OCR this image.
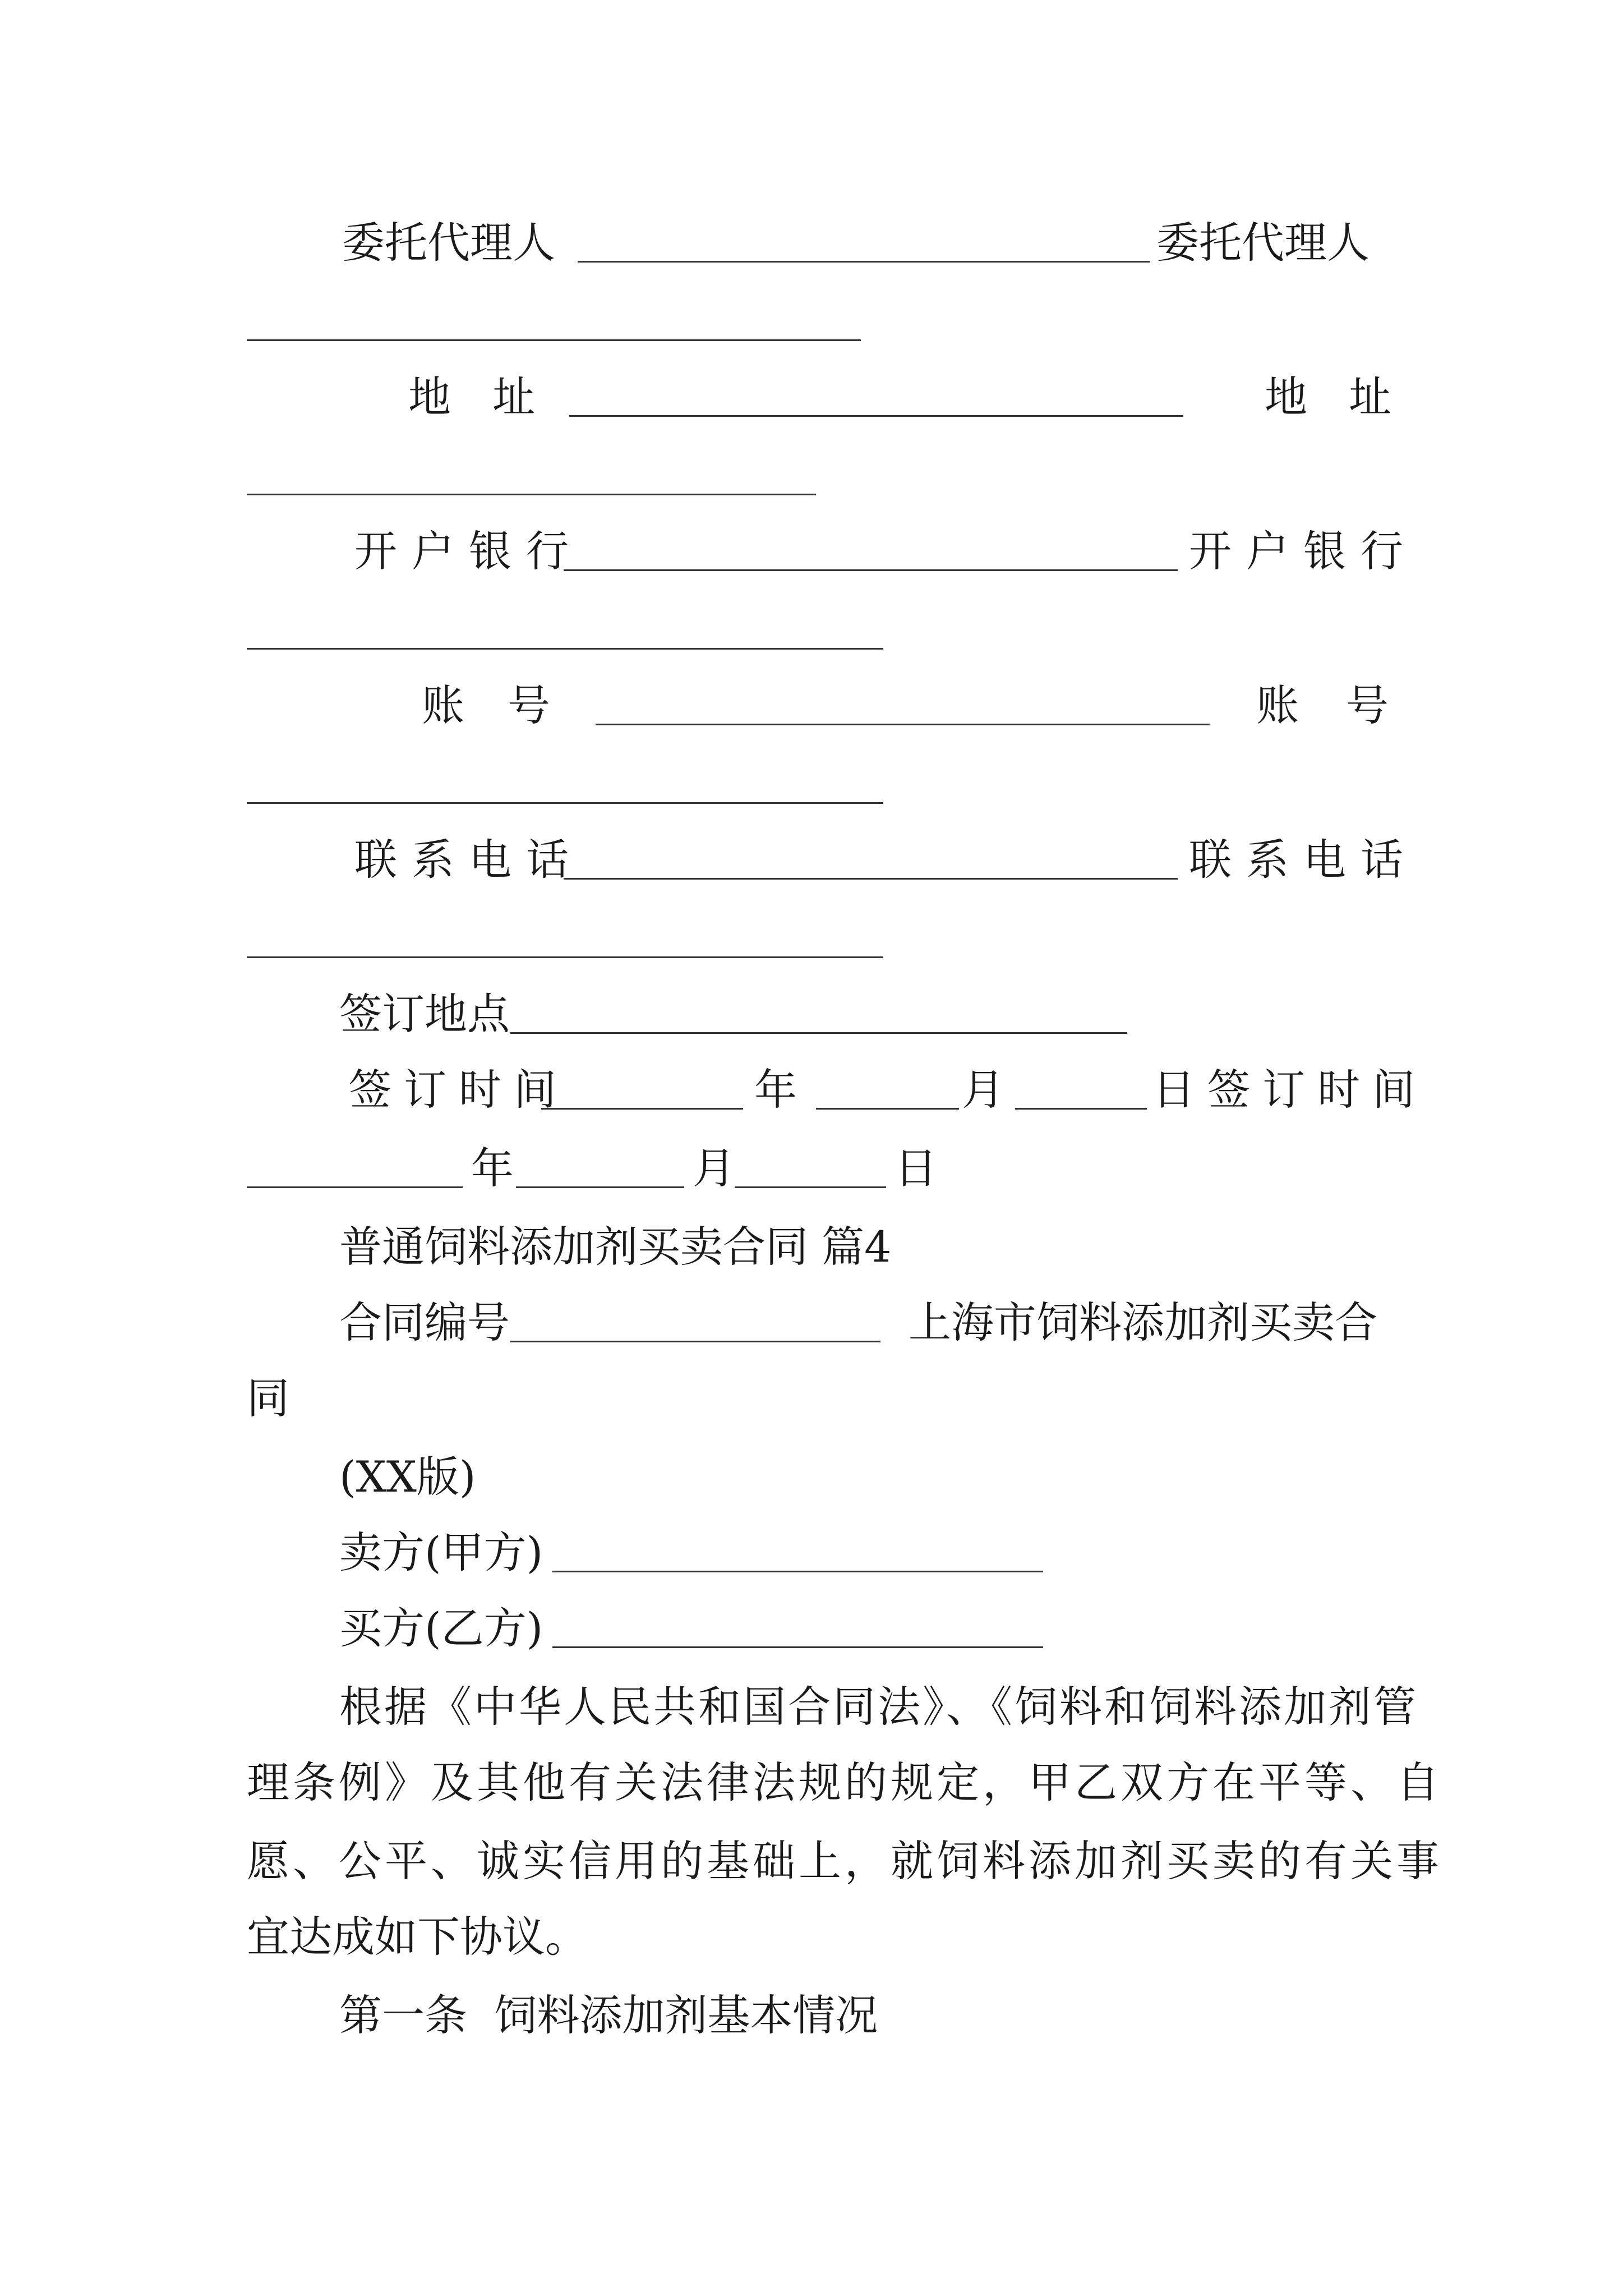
委托代理人	委托代理人
地 址	地 址
开户银行	开户银行
账 号	账 号
联系电话	联系电话
签订地点
签订时间	年	月	日签订时间
年	月	日
普通饲料添加剂买卖合同 篇4
合同编号	上海市饲料添加剂买卖合
同
(XX版)
卖方(甲方)
买方(乙方)
根据《中华人民共和国合同法》、《饲料和饲料添加剂管
理条例》及其他有关法律法规的规定，甲乙双方在平等、自
愿、公平、诚实信用的基础上，就饲料添加剂买卖的有关事
宜达成如下协议。
第一条  饲料添加剂基本情况
